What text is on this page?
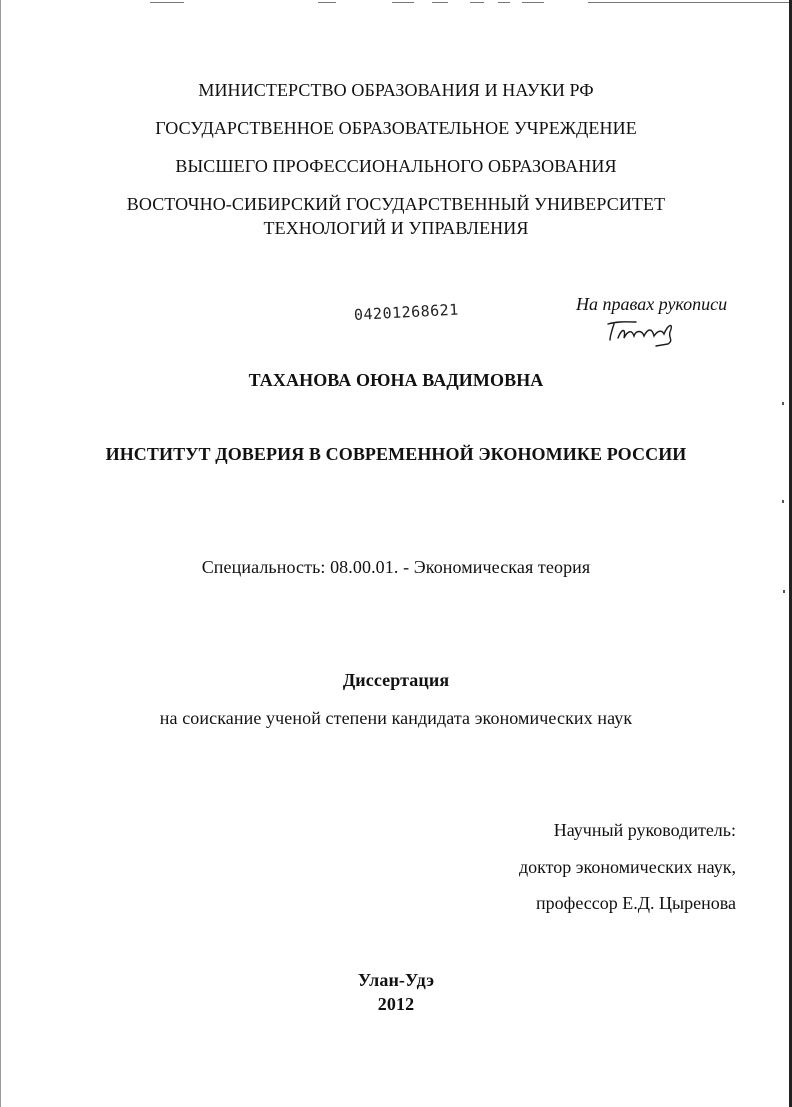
МИНИСТЕРСТВО ОБРАЗОВАНИЯ И НАУКИ РФ
ГОСУДАРСТВЕННОЕ ОБРАЗОВАТЕЛЬНОЕ УЧРЕЖДЕНИЕ
ВЫСШЕГО ПРОФЕССИОНАЛЬНОГО ОБРАЗОВАНИЯ
ВОСТОЧНО-СИБИРСКИЙ ГОСУДАРСТВЕННЫЙ УНИВЕРСИТЕТ
ТЕХНОЛОГИЙ И УПРАВЛЕНИЯ
04201268621	На правах рукописи
ТАХАНОВА ОЮНА ВАДИМОВНА
ИНСТИТУТ ДОВЕРИЯ В СОВРЕМЕННОЙ ЭКОНОМИКЕ РОССИИ
Специальность: 08.00.01. - Экономическая теория
Диссертация
на соискание ученой степени кандидата экономических наук
Научный руководитель:
доктор экономических наук,
профессор Е.Д. Цыренова
Улан-Удэ
2012
